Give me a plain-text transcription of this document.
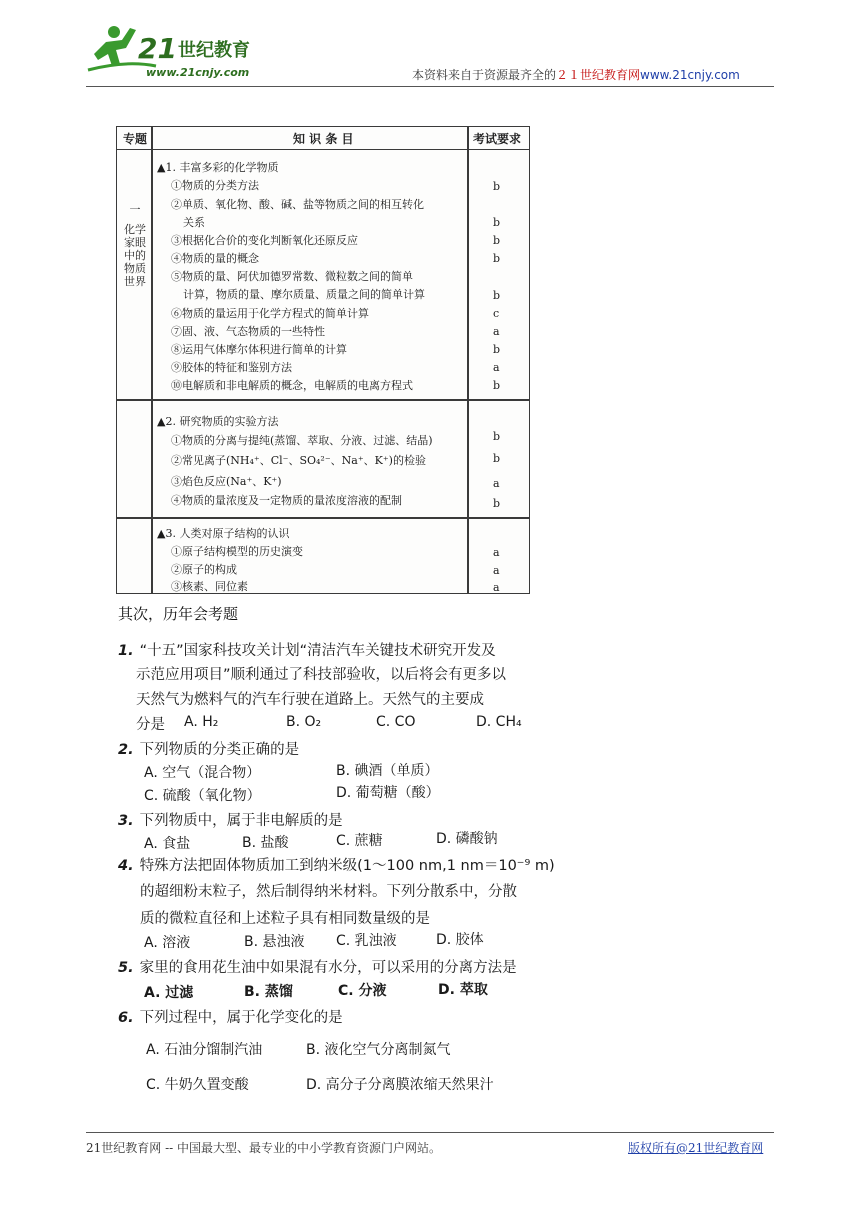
21 世纪教育
www.21cnjy.com	本资料来自于资源最齐全的２１世纪教育网www.21cnjy.com
专题	知 识 条 目	考试要求
一
化学家眼中的物质世界
▲1. 丰富多彩的化学物质
①物质的分类方法	b
②单质、氧化物、酸、碱、盐等物质之间的相互转化
关系	b
③根据化合价的变化判断氧化还原反应	b
④物质的量的概念	b
⑤物质的量、阿伏加德罗常数、微粒数之间的简单
计算，物质的量、摩尔质量、质量之间的简单计算	b
⑥物质的量运用于化学方程式的简单计算	c
⑦固、液、气态物质的一些特性	a
⑧运用气体摩尔体积进行简单的计算	b
⑨胶体的特征和鉴别方法	a
⑩电解质和非电解质的概念，电解质的电离方程式	b
▲2. 研究物质的实验方法
①物质的分离与提纯(蒸馏、萃取、分液、过滤、结晶)	b
②常见离子(NH₄⁺、Cl⁻、SO₄²⁻、Na⁺、K⁺)的检验	b
③焰色反应(Na⁺、K⁺)	a
④物质的量浓度及一定物质的量浓度溶液的配制	b
▲3. 人类对原子结构的认识
①原子结构模型的历史演变	a
②原子的构成	a
③核素、同位素	a
其次，历年会考题
1. “十五”国家科技攻关计划“清洁汽车关键技术研究开发及
示范应用项目”顺利通过了科技部验收，以后将会有更多以
天然气为燃料气的汽车行驶在道路上。天然气的主要成
分是 A. H₂	B. O₂	C. CO	D. CH₄
2. 下列物质的分类正确的是
A. 空气（混合物）	B. 碘酒（单质）
C. 硫酸（氧化物）	D. 葡萄糖（酸）
3. 下列物质中，属于非电解质的是
A. 食盐	B. 盐酸	C. 蔗糖	D. 磷酸钠
4. 特殊方法把固体物质加工到纳米级(1～100 nm,1 nm＝10⁻⁹ m)
的超细粉末粒子，然后制得纳米材料。下列分散系中，分散
质的微粒直径和上述粒子具有相同数量级的是
A. 溶液	B. 悬浊液 C. 乳浊液	D. 胶体
5. 家里的食用花生油中如果混有水分，可以采用的分离方法是
A. 过滤	B. 蒸馏	C. 分液	D. 萃取
6. 下列过程中，属于化学变化的是
A. 石油分馏制汽油	B. 液化空气分离制氮气
C. 牛奶久置变酸	D. 高分子分离膜浓缩天然果汁
21世纪教育网 -- 中国最大型、最专业的中小学教育资源门户网站。	版权所有@21世纪教育网
